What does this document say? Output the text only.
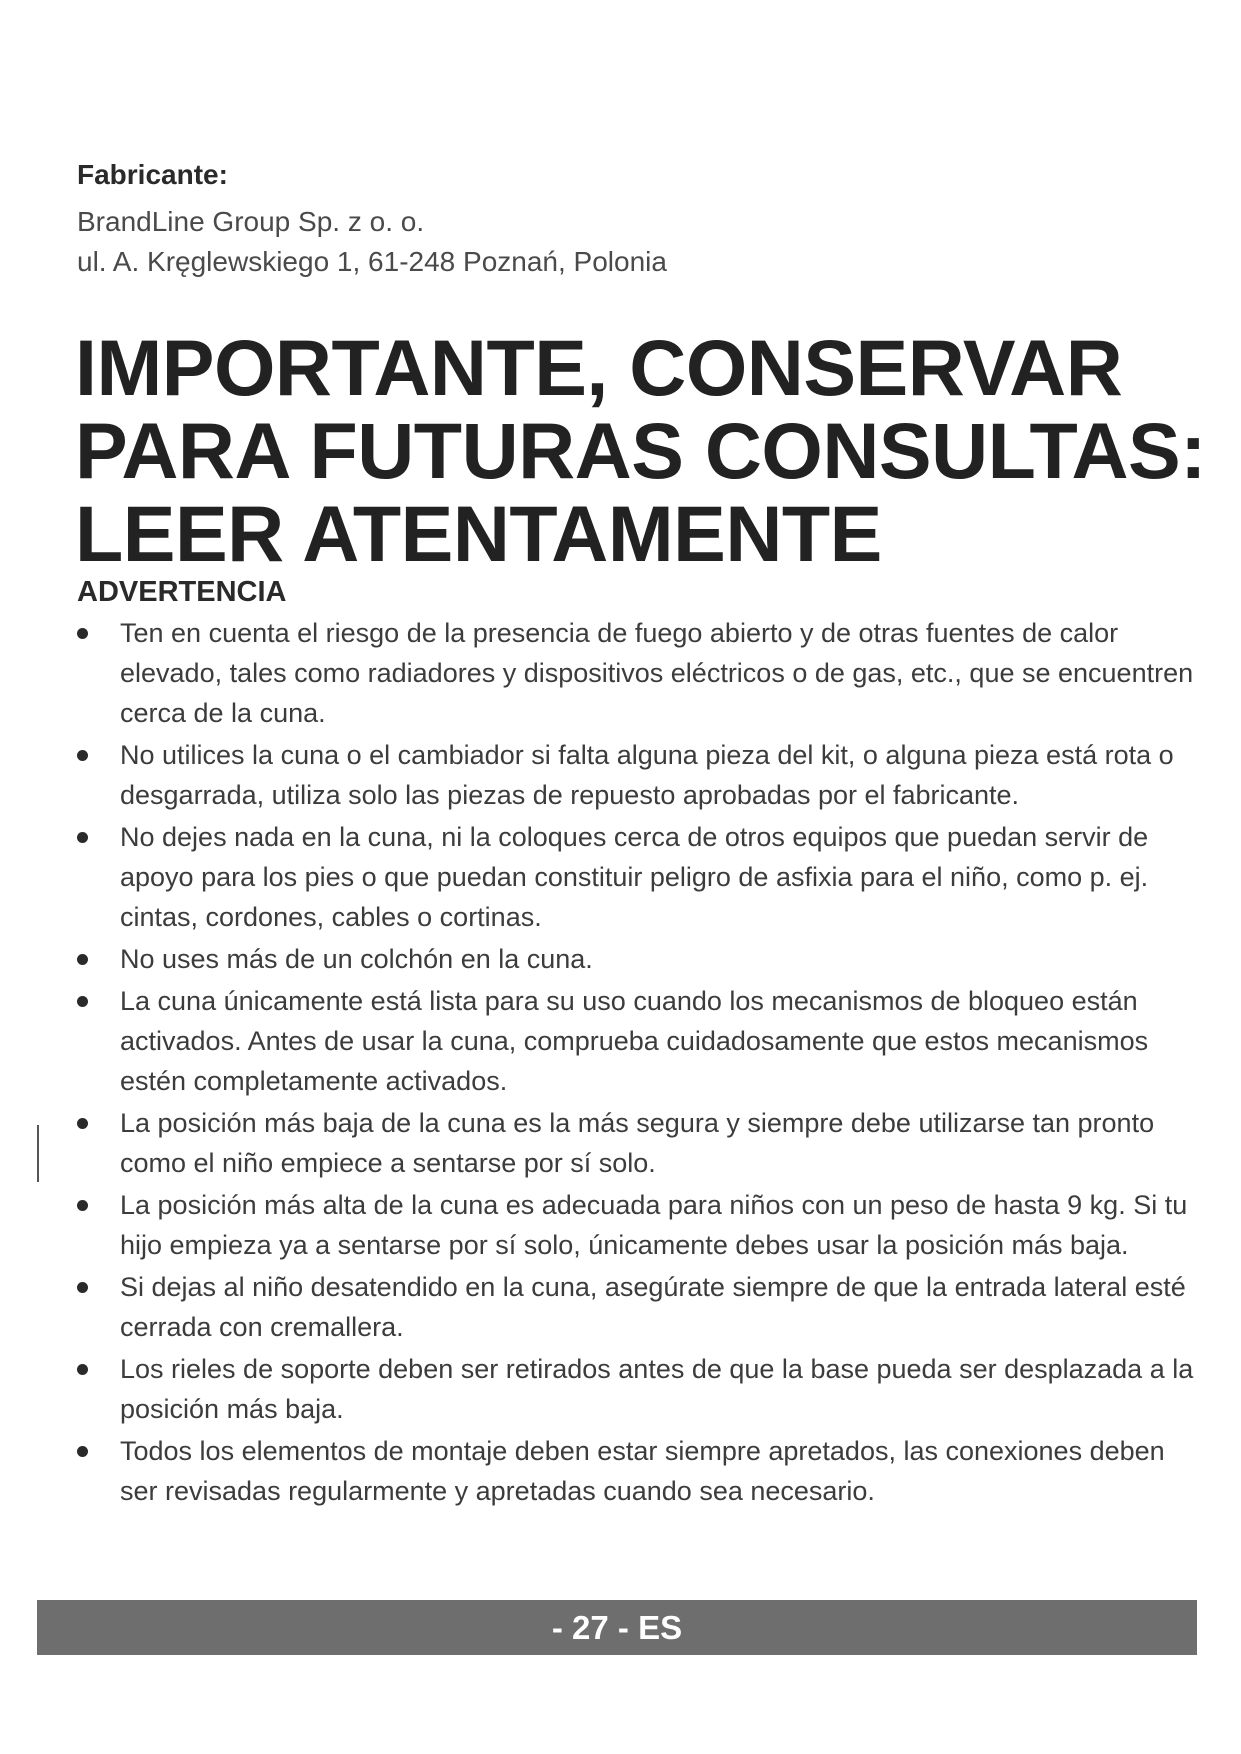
Fabricante:

BrandLine Group Sp. z o. o.

ul. A. Kręglewskiego 1, 61-248 Poznań, Polonia

IMPORTANTE, CONSERVAR
PARA FUTURAS CONSULTAS:
LEER ATENTAMENTE
ADVERTENCIA
Ten en cuenta el riesgo de la presencia de fuego abierto y de otras fuentes de calor elevado, tales como radiadores y dispositivos eléctricos o de gas, etc., que se encuentren cerca de la cuna.
No utilices la cuna o el cambiador si falta alguna pieza del kit, o alguna pieza está rota o desgarrada, utiliza solo las piezas de repuesto aprobadas por el fabricante.
No dejes nada en la cuna, ni la coloques cerca de otros equipos que puedan servir de apoyo para los pies o que puedan constituir peligro de asfixia para el niño, como p. ej. cintas, cordones, cables o cortinas.
No uses más de un colchón en la cuna.
La cuna únicamente está lista para su uso cuando los mecanismos de bloqueo están activados. Antes de usar la cuna, comprueba cuidadosamente que estos mecanismos estén completamente activados.
La posición más baja de la cuna es la más segura y siempre debe utilizarse tan pronto como el niño empiece a sentarse por sí solo.
La posición más alta de la cuna es adecuada para niños con un peso de hasta 9 kg. Si tu hijo empieza ya a sentarse por sí solo, únicamente debes usar la posición más baja.
Si dejas al niño desatendido en la cuna, asegúrate siempre de que la entrada lateral esté cerrada con cremallera.
Los rieles de soporte deben ser retirados antes de que la base pueda ser desplazada a la posición más baja.
Todos los elementos de montaje deben estar siempre apretados, las conexiones deben ser revisadas regularmente y apretadas cuando sea necesario.
- 27 - ES
